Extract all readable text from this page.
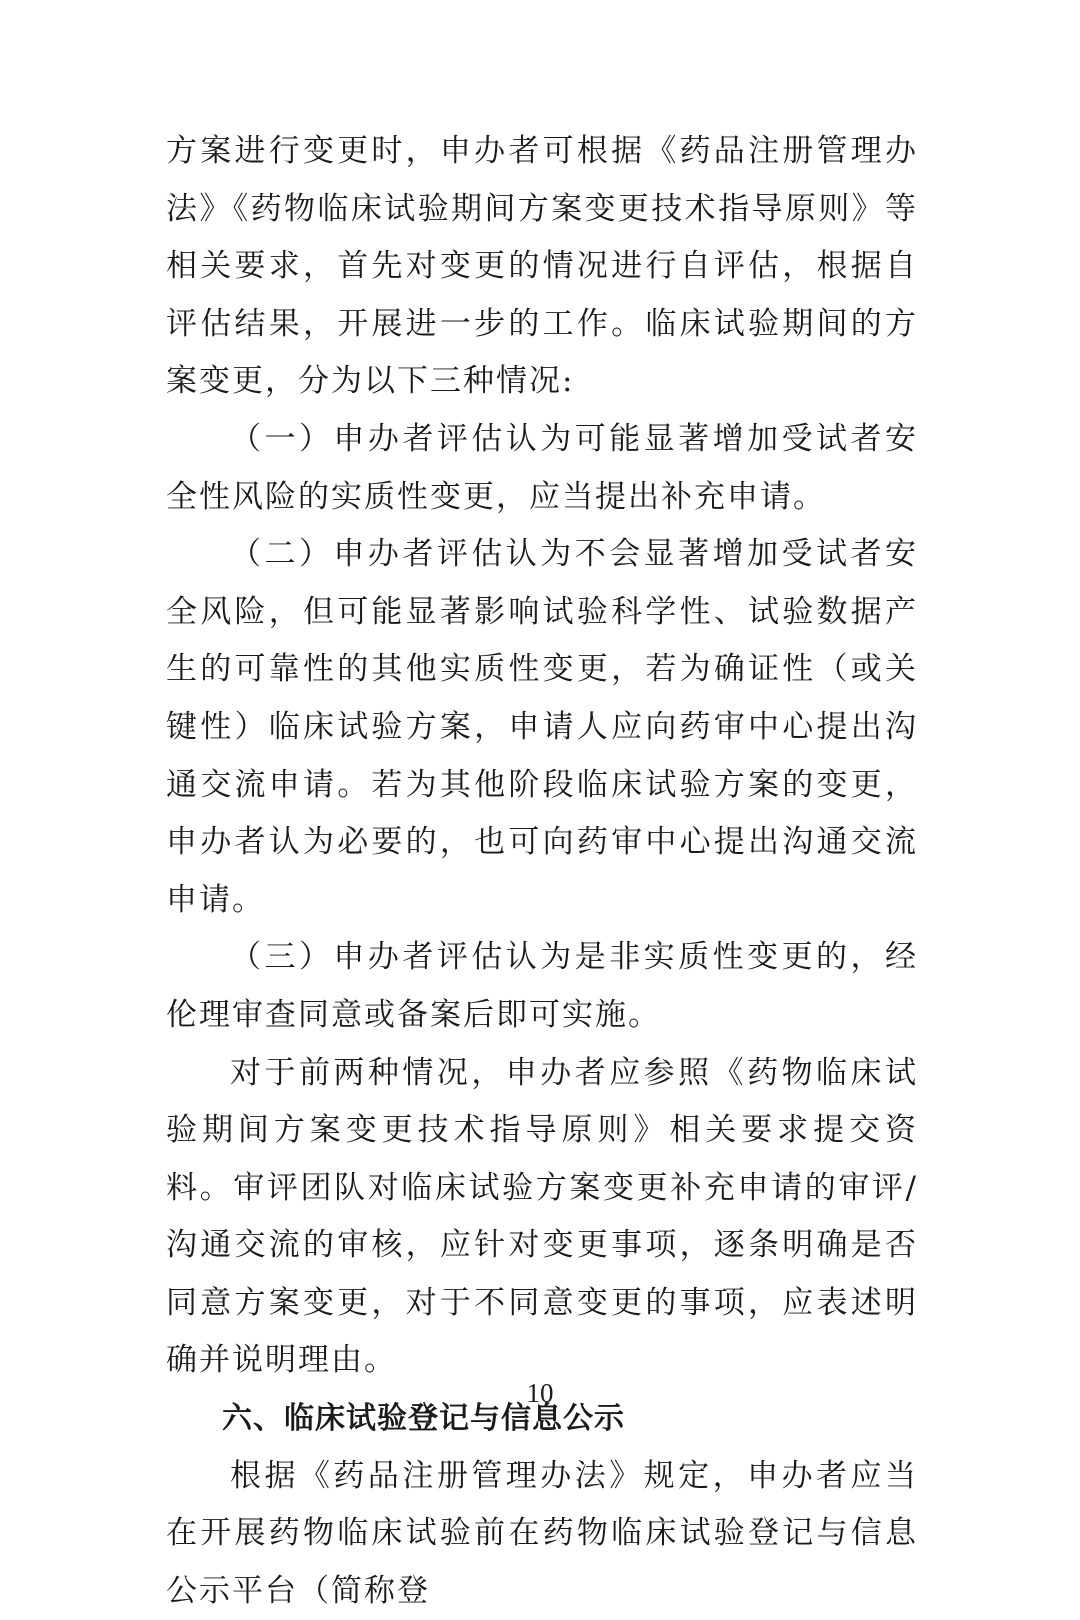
方案进行变更时，申办者可根据《药品注册管理办法》《药物临床试验期间方案变更技术指导原则》等相关要求，首先对变更的情况进行自评估，根据自评估结果，开展进一步的工作。临床试验期间的方案变更，分为以下三种情况:

（一）申办者评估认为可能显著增加受试者安全性风险的实质性变更，应当提出补充申请。

（二）申办者评估认为不会显著增加受试者安全风险，但可能显著影响试验科学性、试验数据产生的可靠性的其他实质性变更，若为确证性（或关键性）临床试验方案，申请人应向药审中心提出沟通交流申请。若为其他阶段临床试验方案的变更，申办者认为必要的，也可向药审中心提出沟通交流申请。

（三）申办者评估认为是非实质性变更的，经伦理审查同意或备案后即可实施。

对于前两种情况，申办者应参照《药物临床试验期间方案变更技术指导原则》相关要求提交资料。审评团队对临床试验方案变更补充申请的审评/沟通交流的审核，应针对变更事项，逐条明确是否同意方案变更，对于不同意变更的事项，应表述明确并说明理由。

六、临床试验登记与信息公示

根据《药品注册管理办法》规定，申办者应当在开展药物临床试验前在药物临床试验登记与信息公示平台（简称登

10
